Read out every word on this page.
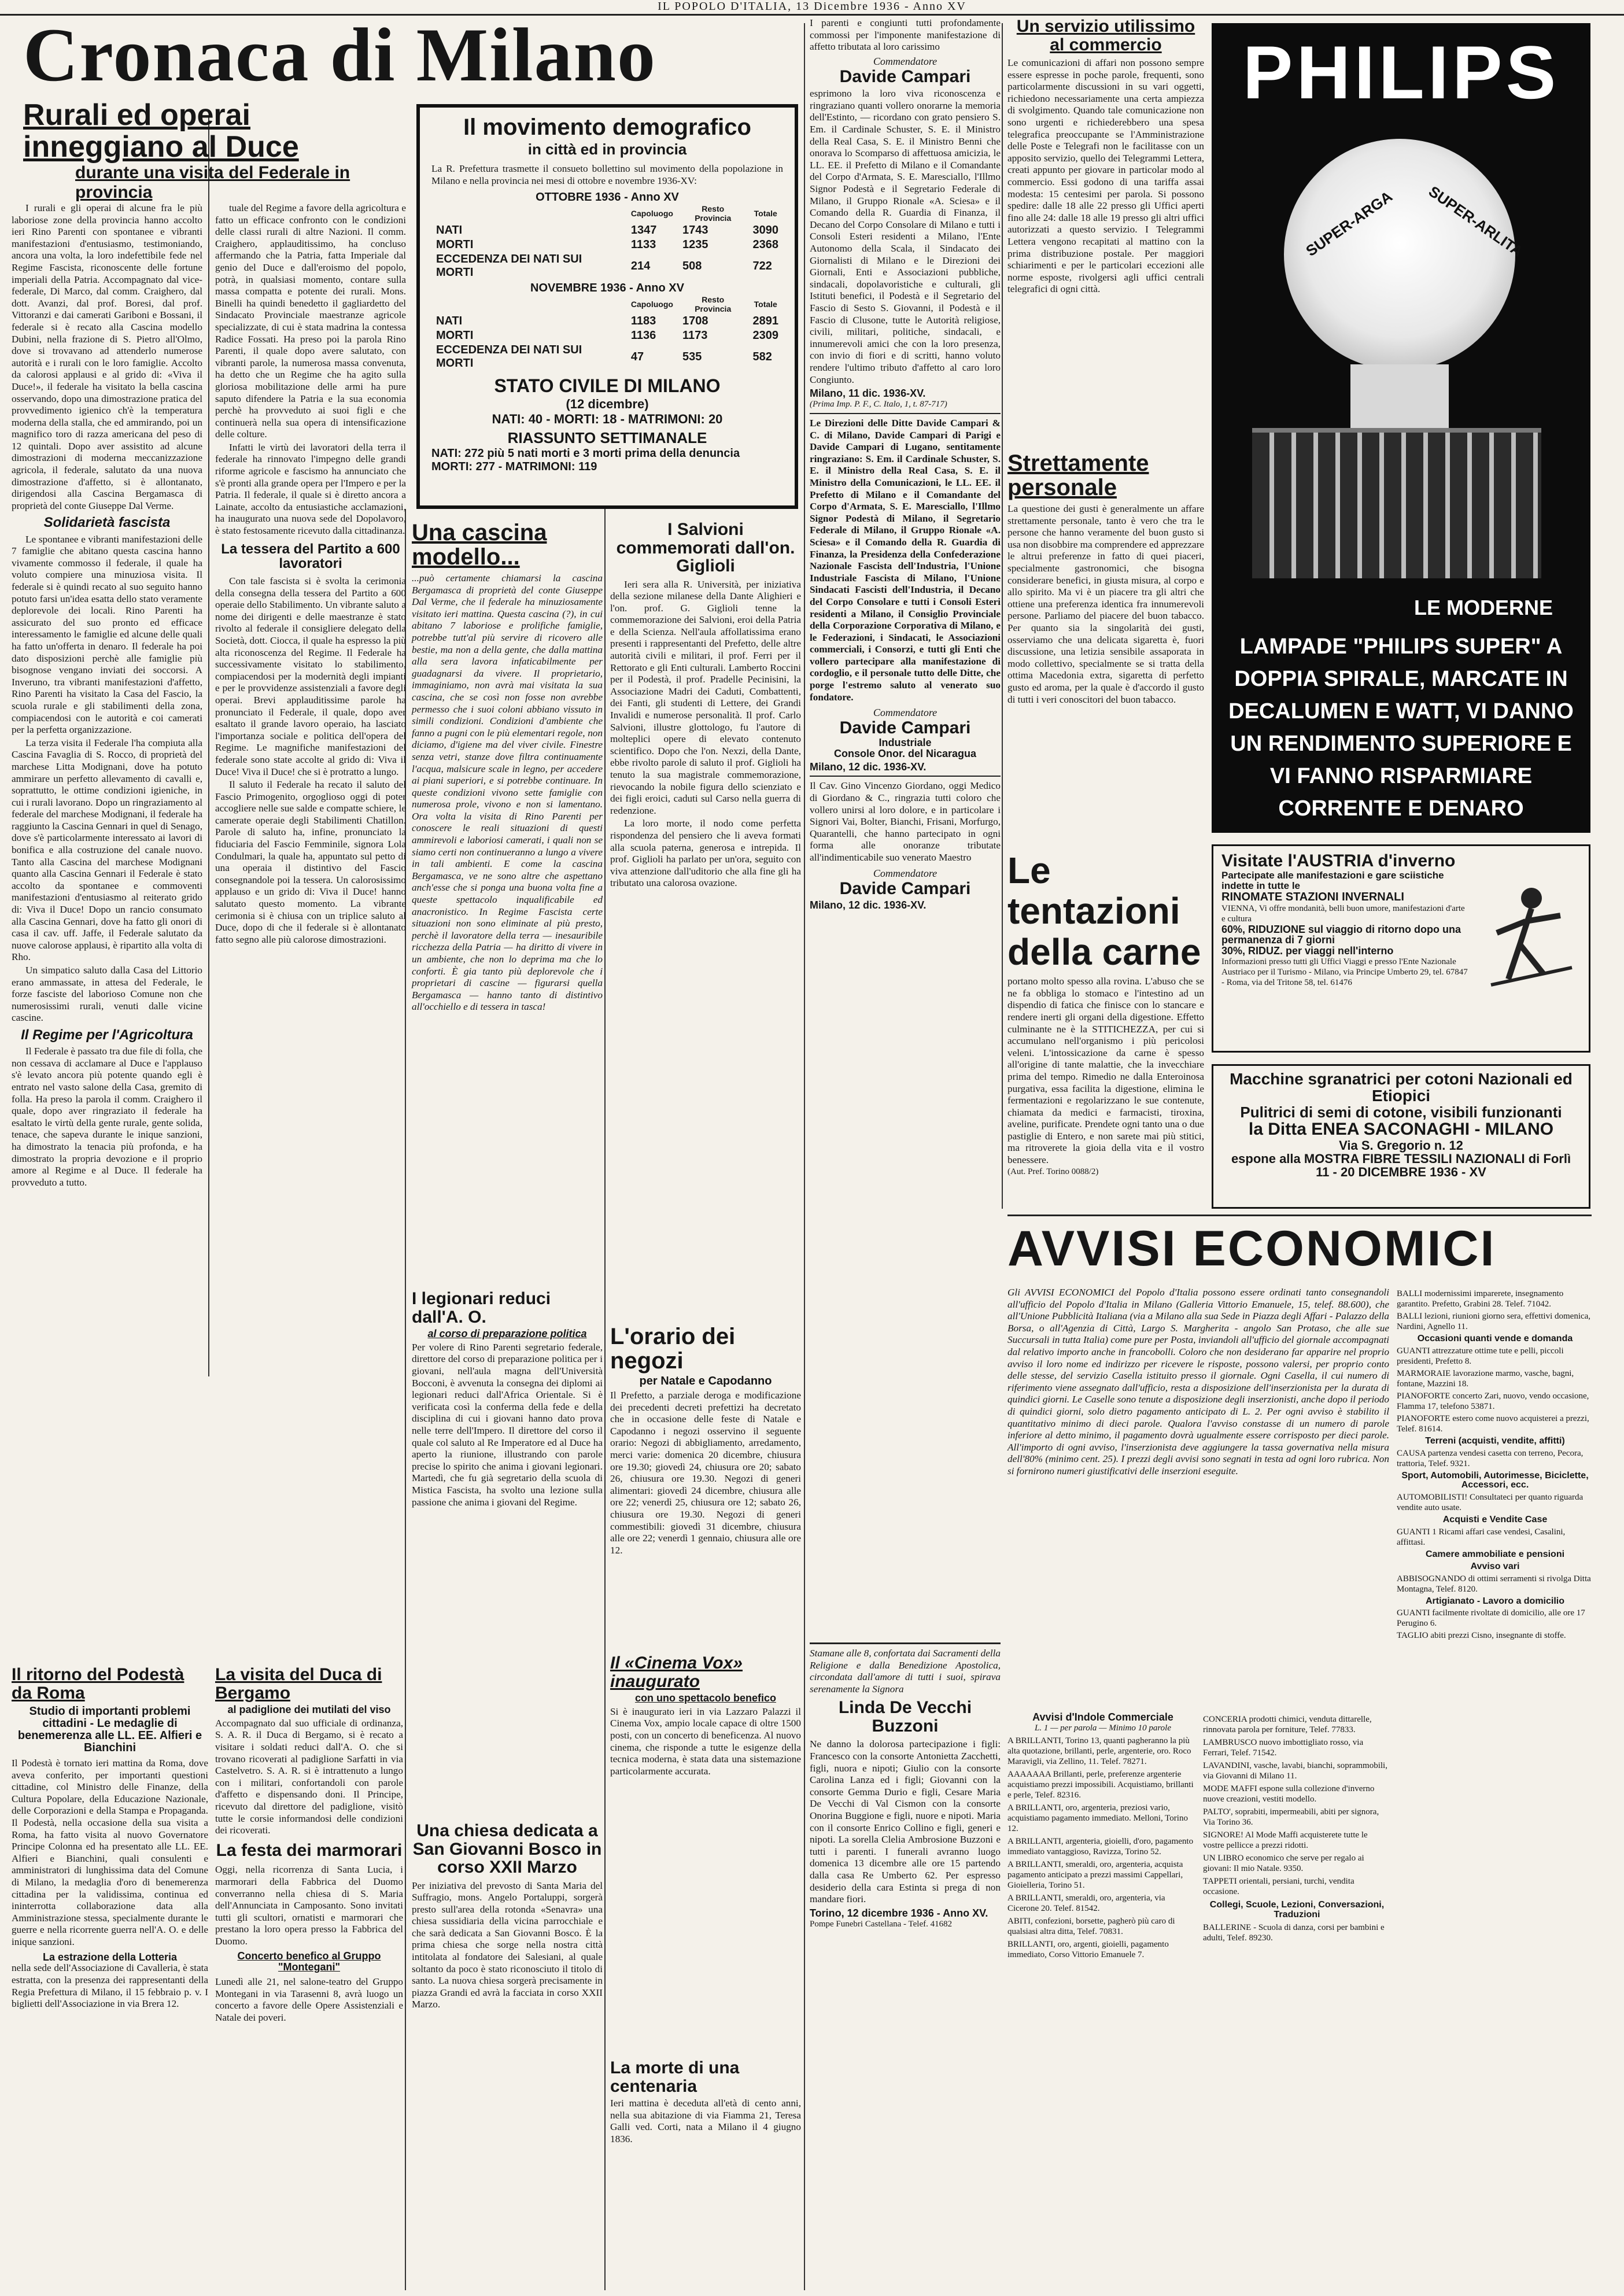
IL POPOLO D'ITALIA, 13 Dicembre 1936 - Anno XV
Cronaca di Milano
Rurali ed operai inneggiano al Duce
durante una visita del Federale in provincia

I rurali e gli operai di alcune fra le più laboriose zone della provincia hanno accolto ieri Rino Parenti con spontanee e vibranti manifestazioni d'entusiasmo, testimoniando, ancora una volta, la loro indefettibile fede nel Regime Fascista, riconoscente delle fortune imperiali della Patria. Accompagnato dal vice-federale, Di Marco, dal comm. Craighero, dal dott. Avanzi, dal prof. Boresi, dal prof. Vittoranzi e dai camerati Gariboni e Bossani, il federale si è recato alla Cascina modello Dubini, nella frazione di S. Pietro all'Olmo, dove si trovavano ad attenderlo numerose autorità e i rurali con le loro famiglie. Accolto da calorosi applausi e al grido di: «Viva il Duce!», il federale ha visitato la bella cascina osservando, dopo una dimostrazione pratica del provvedimento igienico ch'è la temperatura moderna della stalla, che ed ammirando, poi un magnifico toro di razza americana del peso di 12 quintali. Dopo aver assistito ad alcune dimostrazioni di moderna meccanizzazione agricola, il federale, salutato da una nuova dimostrazione d'affetto, si è allontanato, dirigendosi alla Cascina Bergamasca di proprietà del conte Giuseppe Dal Verme.

Solidarietà fascista

Le spontanee e vibranti manifestazioni delle 7 famiglie che abitano questa cascina hanno vivamente commosso il federale, il quale ha voluto compiere una minuziosa visita. Il federale si è quindi recato al suo seguito hanno potuto farsi un'idea esatta dello stato veramente deplorevole dei locali. Rino Parenti ha assicurato del suo pronto ed efficace interessamento le famiglie ed alcune delle quali ha fatto un'offerta in denaro. Il federale ha poi dato disposizioni perchè alle famiglie più bisognose vengano inviati dei soccorsi. A Inveruno, tra vibranti manifestazioni d'affetto, Rino Parenti ha visitato la Casa del Fascio, la scuola rurale e gli stabilimenti della zona, compiacendosi con le autorità e coi camerati per la perfetta organizzazione.

La terza visita il Federale l'ha compiuta alla Cascina Favaglia di S. Rocco, di proprietà del marchese Litta Modignani, dove ha potuto ammirare un perfetto allevamento di cavalli e, soprattutto, le ottime condizioni igieniche, in cui i rurali lavorano. Dopo un ringraziamento al federale del marchese Modignani, il federale ha raggiunto la Cascina Gennari in quel di Senago, dove s'è particolarmente interessato ai lavori di bonifica e alla costruzione del canale nuovo. Tanto alla Cascina del marchese Modignani quanto alla Cascina Gennari il Federale è stato accolto da spontanee e commoventi manifestazioni d'entusiasmo al reiterato grido di: Viva il Duce! Dopo un rancio consumato alla Cascina Gennari, dove ha fatto gli onori di casa il cav. uff. Jaffe, il Federale salutato da nuove calorose applausi, è ripartito alla volta di Rho.

Un simpatico saluto dalla Casa del Littorio erano ammassate, in attesa del Federale, le forze fasciste del laborioso Comune non che numerosissimi rurali, venuti dalle vicine cascine.

Il Regime per l'Agricoltura

Il Federale è passato tra due file di folla, che non cessava di acclamare al Duce e l'applauso s'è levato ancora più potente quando egli è entrato nel vasto salone della Casa, gremito di folla. Ha preso la parola il comm. Craighero il quale, dopo aver ringraziato il federale ha esaltato le virtù della gente rurale, gente solida, tenace, che sapeva durante le inique sanzioni, ha dimostrato la tenacia più profonda, e ha dimostrato la propria devozione e il proprio amore al Regime e al Duce. Il federale ha provveduto a tutto.

tuale del Regime a favore della agricoltura e fatto un efficace confronto con le condizioni delle classi rurali di altre Nazioni. Il comm. Craighero, applauditissimo, ha concluso affermando che la Patria, fatta Imperiale dal genio del Duce e dall'eroismo del popolo, potrà, in qualsiasi momento, contare sulla massa compatta e potente dei rurali. Mons. Binelli ha quindi benedetto il gagliardetto del Sindacato Provinciale maestranze agricole specializzate, di cui è stata madrina la contessa Radice Fossati. Ha preso poi la parola Rino Parenti, il quale dopo avere salutato, con vibranti parole, la numerosa massa convenuta, ha detto che un Regime che ha agito sulla gloriosa mobilitazione delle armi ha pure saputo difendere la Patria e la sua economia perchè ha provveduto ai suoi figli e che continuerà nella sua opera di intensificazione delle colture.

Infatti le virtù dei lavoratori della terra il federale ha rinnovato l'impegno delle grandi riforme agricole e fascismo ha annunciato che s'è pronti alla grande opera per l'Impero e per la Patria. Il federale, il quale si è diretto ancora a Lainate, accolto da entusiastiche acclamazioni, ha inaugurato una nuova sede del Dopolavoro, è stato festosamente ricevuto dalla cittadinanza.

La tessera del Partito a 600 lavoratori

Con tale fascista si è svolta la cerimonia della consegna della tessera del Partito a 600 operaie dello Stabilimento. Un vibrante saluto a nome dei dirigenti e delle maestranze è stato rivolto al federale il consigliere delegato della Società, dott. Ciocca, il quale ha espresso la più alta riconoscenza del Regime. Il Federale ha successivamente visitato lo stabilimento, compiacendosi per la modernità degli impianti e per le provvidenze assistenziali a favore degli operai. Brevi applauditissime parole ha pronunciato il Federale, il quale, dopo aver esaltato il grande lavoro operaio, ha lasciato l'importanza sociale e politica dell'opera del Regime. Le magnifiche manifestazioni del federale sono state accolte al grido di: Viva il Duce! Viva il Duce! che si è protratto a lungo.

Il saluto il Federale ha recato il saluto del Fascio Primogenito, orgoglioso oggi di poter accogliere nelle sue salde e compatte schiere, le camerate operaie degli Stabilimenti Chatillon. Parole di saluto ha, infine, pronunciato la fiduciaria del Fascio Femminile, signora Lola Condulmari, la quale ha, appuntato sul petto di una operaia il distintivo del Fascio consegnandole poi la tessera. Un calorosissimo applauso e un grido di: Viva il Duce! hanno salutato questo momento. La vibrante cerimonia si è chiusa con un triplice saluto al Duce, dopo di che il federale si è allontanato fatto segno alle più calorose dimostrazioni.

Il movimento demografico
in città ed in provincia
La R. Prefettura trasmette il consueto bollettino sul movimento della popolazione in Milano e nella provincia nei mesi di ottobre e novembre 1936-XV:
OTTOBRE 1936 - Anno XV
	Capoluogo	Resto Provincia	Totale
NATI	1347	1743	3090
MORTI	1133	1235	2368
ECCEDENZA DEI NATI SUI MORTI	214	508	722
NOVEMBRE 1936 - Anno XV
	Capoluogo	Resto Provincia	Totale
NATI	1183	1708	2891
MORTI	1136	1173	2309
ECCEDENZA DEI NATI SUI MORTI	47	535	582
STATO CIVILE DI MILANO
(12 dicembre)
NATI: 40 - MORTI: 18 - MATRIMONI: 20
RIASSUNTO SETTIMANALE
NATI: 272 più 5 nati morti e 3 morti prima della denuncia
MORTI: 277 - MATRIMONI: 119
Una cascina modello...
...può certamente chiamarsi la cascina Bergamasca di proprietà del conte Giuseppe Dal Verme, che il federale ha minuziosamente visitato ieri mattina. Questa cascina (?), in cui abitano 7 laboriose e prolifiche famiglie, potrebbe tutt'al più servire di ricovero alle bestie, ma non a della gente, che dalla mattina alla sera lavora infaticabilmente per guadagnarsi da vivere. Il proprietario, immaginiamo, non avrà mai visitata la sua cascina, che se così non fosse non avrebbe permesso che i suoi coloni abbiano vissuto in simili condizioni. Condizioni d'ambiente che fanno a pugni con le più elementari regole, non diciamo, d'igiene ma del viver civile. Finestre senza vetri, stanze dove filtra continuamente l'acqua, malsicure scale in legno, per accedere ai piani superiori, e si potrebbe continuare. In queste condizioni vivono sette famiglie con numerosa prole, vivono e non si lamentano. Ora volta la visita di Rino Parenti per conoscere le reali situazioni di questi ammirevoli e laboriosi camerati, i quali non se siamo certi non continueranno a lungo a vivere in tali ambienti. E come la cascina Bergamasca, ve ne sono altre che aspettano anch'esse che si ponga una buona volta fine a queste spettacolo inqualificabile ed anacronistico. In Regime Fascista certe situazioni non sono eliminate al più presto, perchè il lavoratore della terra — inesauribile ricchezza della Patria — ha diritto di vivere in un ambiente, che non lo deprima ma che lo conforti. È gia tanto più deplorevole che i proprietari di cascine — figurarsi quella Bergamasca — hanno tanto di distintivo all'occhiello e di tessera in tasca!
I Salvioni commemorati dall'on. Giglioli

Ieri sera alla R. Università, per iniziativa della sezione milanese della Dante Alighieri e l'on. prof. G. Giglioli tenne la commemorazione dei Salvioni, eroi della Patria e della Scienza. Nell'aula affollatissima erano presenti i rappresentanti del Prefetto, delle altre autorità civili e militari, il prof. Ferri per il Rettorato e gli Enti culturali. Lamberto Roccini per il Podestà, il prof. Pradelle Pecinisini, la Associazione Madri dei Caduti, Combattenti, dei Fanti, gli studenti di Lettere, dei Grandi Invalidi e numerose personalità. Il prof. Carlo Salvioni, illustre glottologo, fu l'autore di molteplici opere di elevato contenuto scientifico. Dopo che l'on. Nexzi, della Dante, ebbe rivolto parole di saluto il prof. Giglioli ha tenuto la sua magistrale commemorazione, rievocando la nobile figura dello scienziato e dei figli eroici, caduti sul Carso nella guerra di redenzione.

La loro morte, il nodo come perfetta rispondenza del pensiero che li aveva formati alla scuola paterna, generosa e intrepida. Il prof. Giglioli ha parlato per un'ora, seguito con viva attenzione dall'uditorio che alla fine gli ha tributato una calorosa ovazione.

I legionari reduci dall'A. O.
al corso di preparazione politica
Per volere di Rino Parenti segretario federale, direttore del corso di preparazione politica per i giovani, nell'aula magna dell'Università Bocconi, è avvenuta la consegna dei diplomi ai legionari reduci dall'Africa Orientale. Si è verificata così la conferma della fede e della disciplina di cui i giovani hanno dato prova nelle terre dell'Impero. Il direttore del corso il quale col saluto al Re Imperatore ed al Duce ha aperto la riunione, illustrando con parole precise lo spirito che anima i giovani legionari. Martedì, che fu già segretario della scuola di Mistica Fascista, ha svolto una lezione sulla passione che anima i giovani del Regime.
L'orario dei negozi
per Natale e Capodanno
Il Prefetto, a parziale deroga e modificazione dei precedenti decreti prefettizi ha decretato che in occasione delle feste di Natale e Capodanno i negozi osservino il seguente orario: Negozi di abbigliamento, arredamento, merci varie: domenica 20 dicembre, chiusura ore 19.30; giovedì 24, chiusura ore 20; sabato 26, chiusura ore 19.30. Negozi di generi alimentari: giovedì 24 dicembre, chiusura alle ore 22; venerdì 25, chiusura ore 12; sabato 26, chiusura ore 19.30. Negozi di generi commestibili: giovedì 31 dicembre, chiusura alle ore 22; venerdì 1 gennaio, chiusura alle ore 12.
Il ritorno del Podestà da Roma
Studio di importanti problemi cittadini - Le medaglie di benemerenza alle LL. EE. Alfieri e Bianchini
Il Podestà è tornato ieri mattina da Roma, dove aveva conferito, per importanti questioni cittadine, col Ministro delle Finanze, della Cultura Popolare, della Educazione Nazionale, delle Corporazioni e della Stampa e Propaganda. Il Podestà, nella occasione della sua visita a Roma, ha fatto visita al nuovo Governatore Principe Colonna ed ha presentato alle LL. EE. Alfieri e Bianchini, quali consulenti e amministratori di lunghissima data del Comune di Milano, la medaglia d'oro di benemerenza cittadina per la validissima, continua ed ininterrotta collaborazione data alla Amministrazione stessa, specialmente durante le guerre e nella ricorrente guerra nell'A. O. e delle inique sanzioni.
La estrazione della Lotteria
nella sede dell'Associazione di Cavalleria, è stata estratta, con la presenza dei rappresentanti della Regia Prefettura di Milano, il 15 febbraio p. v. I biglietti dell'Associazione in via Brera 12.
La visita del Duca di Bergamo
al padiglione dei mutilati del viso
Accompagnato dal suo ufficiale di ordinanza, S. A. R. il Duca di Bergamo, si è recato a visitare i soldati reduci dall'A. O. che si trovano ricoverati al padiglione Sarfatti in via Castelvetro. S. A. R. si è intrattenuto a lungo con i militari, confortandoli con parole d'affetto e dispensando doni. Il Principe, ricevuto dal direttore del padiglione, visitò tutte le corsie informandosi delle condizioni dei ricoverati.
La festa dei marmorari
Oggi, nella ricorrenza di Santa Lucia, i marmorari della Fabbrica del Duomo converranno nella chiesa di S. Maria dell'Annunciata in Camposanto. Sono invitati tutti gli scultori, ornatisti e marmorari che prestano la loro opera presso la Fabbrica del Duomo.
Concerto benefico al Gruppo "Montegani"
Lunedì alle 21, nel salone-teatro del Gruppo Montegani in via Tarasenni 8, avrà luogo un concerto a favore delle Opere Assistenziali e Natale dei poveri.
Una chiesa dedicata a San Giovanni Bosco in corso XXII Marzo
Per iniziativa del prevosto di Santa Maria del Suffragio, mons. Angelo Portaluppi, sorgerà presto sull'area della rotonda «Senavra» una chiesa sussidiaria della vicina parrocchiale e che sarà dedicata a San Giovanni Bosco. È la prima chiesa che sorge nella nostra città intitolata al fondatore dei Salesiani, al quale soltanto da poco è stato riconosciuto il titolo di santo. La nuova chiesa sorgerà precisamente in piazza Grandi ed avrà la facciata in corso XXII Marzo.
Il «Cinema Vox» inaugurato
con uno spettacolo benefico
Si è inaugurato ieri in via Lazzaro Palazzi il Cinema Vox, ampio locale capace di oltre 1500 posti, con un concerto di beneficenza. Al nuovo cinema, che risponde a tutte le esigenze della tecnica moderna, è stata data una sistemazione particolarmente accurata.
La morte di una centenaria
Ieri mattina è deceduta all'età di cento anni, nella sua abitazione di via Fiamma 21, Teresa Galli ved. Corti, nata a Milano il 4 giugno 1836.
I parenti e congiunti tutti profondamente commossi per l'imponente manifestazione di affetto tributata al loro carissimo
Commendatore
Davide Campari
esprimono la loro viva riconoscenza e ringraziano quanti vollero onorarne la memoria dell'Estinto, — ricordano con grato pensiero S. Em. il Cardinale Schuster, S. E. il Ministro della Real Casa, S. E. il Ministro Benni che onorava lo Scomparso di affettuosa amicizia, le LL. EE. il Prefetto di Milano e il Comandante del Corpo d'Armata, S. E. Maresciallo, l'Illmo Signor Podestà e il Segretario Federale di Milano, il Gruppo Rionale «A. Sciesa» e il Comando della R. Guardia di Finanza, il Decano del Corpo Consolare di Milano e tutti i Consoli Esteri residenti a Milano, l'Ente Autonomo della Scala, il Sindacato dei Giornalisti di Milano e le Direzioni dei Giornali, Enti e Associazioni pubbliche, sindacali, dopolavoristiche e culturali, gli Istituti benefici, il Podestà e il Segretario del Fascio di Sesto S. Giovanni, il Podestà e il Fascio di Clusone, tutte le Autorità religiose, civili, militari, politiche, sindacali, e innumerevoli amici che con la loro presenza, con invio di fiori e di scritti, hanno voluto rendere l'ultimo tributo d'affetto al caro loro Congiunto.
Milano, 11 dic. 1936-XV.
(Prima Imp. P. F., C. Italo, 1, t. 87-717)
Le Direzioni delle Ditte Davide Campari & C. di Milano, Davide Campari di Parigi e Davide Campari di Lugano, sentitamente ringraziano: S. Em. il Cardinale Schuster, S. E. il Ministro della Real Casa, S. E. il Ministro della Comunicazioni, le LL. EE. il Prefetto di Milano e il Comandante del Corpo d'Armata, S. E. Maresciallo, l'Illmo Signor Podestà di Milano, il Segretario Federale di Milano, il Gruppo Rionale «A. Sciesa» e il Comando della R. Guardia di Finanza, la Presidenza della Confederazione Nazionale Fascista dell'Industria, l'Unione Industriale Fascista di Milano, l'Unione Sindacati Fascisti dell'Industria, il Decano del Corpo Consolare e tutti i Consoli Esteri residenti a Milano, il Consiglio Provinciale della Corporazione Corporativa di Milano, e le Federazioni, i Sindacati, le Associazioni commerciali, i Consorzi, e tutti gli Enti che vollero partecipare alla manifestazione di cordoglio, e il personale tutto delle Ditte, che porge l'estremo saluto al venerato suo fondatore.
Commendatore
Davide Campari
Industriale
Console Onor. del Nicaragua
Milano, 12 dic. 1936-XV.
Il Cav. Gino Vincenzo Giordano, oggi Medico di Giordano & C., ringrazia tutti coloro che vollero unirsi al loro dolore, e in particolare i Signori Vai, Bolter, Bianchi, Frisani, Morfurgo, Quarantelli, che hanno partecipato in ogni forma alle onoranze tributate all'indimenticabile suo venerato Maestro
Commendatore
Davide Campari
Milano, 12 dic. 1936-XV.
Stamane alle 8, confortata dai Sacramenti della Religione e dalla Benedizione Apostolica, circondata dall'amore di tutti i suoi, spirava serenamente la Signora
Linda De Vecchi Buzzoni
Ne danno la dolorosa partecipazione i figli: Francesco con la consorte Antonietta Zacchetti, figli, nuora e nipoti; Giulio con la consorte Carolina Lanza ed i figli; Giovanni con la consorte Gemma Durio e figli, Cesare Maria De Vecchi di Val Cismon con la consorte Onorina Buggione e figli, nuore e nipoti. Maria con il consorte Enrico Collino e figli, generi e nipoti. La sorella Clelia Ambrosione Buzzoni e tutti i parenti. I funerali avranno luogo domenica 13 dicembre alle ore 15 partendo dalla casa Re Umberto 62. Per espresso desiderio della cara Estinta si prega di non mandare fiori.
Torino, 12 dicembre 1936 - Anno XV.
Pompe Funebri Castellana - Telef. 41682
Un servizio utilissimo al commercio
Le comunicazioni di affari non possono sempre essere espresse in poche parole, frequenti, sono particolarmente discussioni in su vari oggetti, richiedono necessariamente una certa ampiezza di svolgimento. Quando tale comunicazione non sono urgenti e richiederebbero una spesa telegrafica preoccupante se l'Amministrazione delle Poste e Telegrafi non le facilitasse con un apposito servizio, quello dei Telegrammi Lettera, creati appunto per giovare in particolar modo al commercio. Essi godono di una tariffa assai modesta: 15 centesimi per parola. Si possono spedire: dalle 18 alle 22 presso gli Uffici aperti fino alle 24: dalle 18 alle 19 presso gli altri uffici autorizzati a questo servizio. I Telegrammi Lettera vengono recapitati al mattino con la prima distribuzione postale. Per maggiori schiarimenti e per le particolari eccezioni alle norme esposte, rivolgersi agli uffici centrali telegrafici di ogni città.
Strettamente personale
La questione dei gusti è generalmente un affare strettamente personale, tanto è vero che tra le persone che hanno veramente del buon gusto si usa non disobbire ma comprendere ed apprezzare le altrui preferenze in fatto di quei piaceri, specialmente gastronomici, che bisogna considerare benefici, in giusta misura, al corpo e allo spirito. Ma vi è un piacere tra gli altri che ottiene una preferenza identica fra innumerevoli persone. Parliamo del piacere del buon tabacco. Per quanto sia la singolarità dei gusti, osserviamo che una delicata sigaretta è, fuori discussione, una letizia sensibile assaporata in modo collettivo, specialmente se si tratta della ottima Macedonia extra, sigaretta di perfetto gusto ed aroma, per la quale è d'accordo il gusto di tutti i veri conoscitori del buon tabacco.
Le tentazioni della carne
portano molto spesso alla rovina. L'abuso che se ne fa obbliga lo stomaco e l'intestino ad un dispendio di fatica che finisce con lo stancare e rendere inerti gli organi della digestione. Effetto culminante ne è la STITICHEZZA, per cui si accumulano nell'organismo i più pericolosi veleni. L'intossicazione da carne è spesso all'origine di tante malattie, che la invecchiare prima del tempo. Rimedio ne dalla Enteroinosa purgativa, essa facilita la digestione, elimina le fermentazioni e regolarizzano le sue contenute, chiamata da medici e farmacisti, tiroxina, aveline, purificate. Prendete ogni tanto una o due pastiglie di Entero, e non sarete mai più stitici, ma ritroverete la gioia della vita e il vostro benessere.
(Aut. Pref. Torino 0088/2)
PHILIPS
SUPER-ARGA SUPER-ARLITA
LE MODERNE
LAMPADE "PHILIPS SUPER" A DOPPIA SPIRALE, MARCATE IN DECALUMEN E WATT, VI DANNO UN RENDIMENTO SUPERIORE E VI FANNO RISPARMIARE CORRENTE E DENARO
Visitate l'AUSTRIA d'inverno
Partecipate alle manifestazioni e gare sciistiche indette in tutte le
RINOMATE STAZIONI INVERNALI
VIENNA, Vi offre mondanità, belli buon umore, manifestazioni d'arte e cultura
60%, RIDUZIONE sul viaggio di ritorno dopo una permanenza di 7 giorni
30%, RIDUZ. per viaggi nell'interno
Informazioni presso tutti gli Uffici Viaggi e presso l'Ente Nazionale Austriaco per il Turismo - Milano, via Principe Umberto 29, tel. 67847 - Roma, via del Tritone 58, tel. 61476
Macchine sgranatrici per cotoni Nazionali ed Etiopici
Pulitrici di semi di cotone, visibili funzionanti
la Ditta ENEA SACONAGHI - MILANO
Via S. Gregorio n. 12
espone alla MOSTRA FIBRE TESSILI NAZIONALI di Forlì
11 - 20 DICEMBRE 1936 - XV
AVVISI ECONOMICI
Gli AVVISI ECONOMICI del Popolo d'Italia possono essere ordinati tanto consegnandoli all'ufficio del Popolo d'Italia in Milano (Galleria Vittorio Emanuele, 15, telef. 88.600), che all'Unione Pubblicità Italiana (via a Milano alla sua Sede in Piazza degli Affari - Palazzo della Borsa, o all'Agenzia di Città, Largo S. Margherita - angolo San Protaso, che alle sue Succursali in tutta Italia) come pure per Posta, inviandoli all'ufficio del giornale accompagnati dal relativo importo anche in francobolli. Coloro che non desiderano far apparire nel proprio avviso il loro nome ed indirizzo per ricevere le risposte, possono valersi, per proprio conto delle stesse, del servizio Casella istituito presso il giornale. Ogni Casella, il cui numero di riferimento viene assegnato dall'ufficio, resta a disposizione dell'inserzionista per la durata di quindici giorni. Le Caselle sono tenute a disposizione degli inserzionisti, anche dopo il periodo di quindici giorni, solo dietro pagamento anticipato di L. 2. Per ogni avviso è stabilito il quantitativo minimo di dieci parole. Qualora l'avviso constasse di un numero di parole inferiore al detto minimo, il pagamento dovrà ugualmente essere corrisposto per dieci parole. All'importo di ogni avviso, l'inserzionista deve aggiungere la tassa governativa nella misura dell'80% (minimo cent. 25). I prezzi degli avvisi sono segnati in testa ad ogni loro rubrica. Non si fornirono numeri giustificativi delle inserzioni eseguite.
Avvisi d'Indole Commerciale
L. 1 — per parola — Minimo 10 parole
A BRILLANTI, Torino 13, quanti pagheranno la più alta quotazione, brillanti, perle, argenterie, oro. Roco Maravigli, via Zellino, 11. Telef. 78271.
AAAAAAA Brillanti, perle, preferenze argenterie acquistiamo prezzi impossibili. Acquistiamo, brillanti e perle, Telef. 82316.
A BRILLANTI, oro, argenteria, preziosi vario, acquistiamo pagamento immediato. Melloni, Torino 12.
A BRILLANTI, argenteria, gioielli, d'oro, pagamento immediato vantaggioso, Ravizza, Torino 52.
A BRILLANTI, smeraldi, oro, argenteria, acquista pagamento anticipato a prezzi massimi Cappellari, Gioielleria, Torino 51.
A BRILLANTI, smeraldi, oro, argenteria, via Cicerone 20. Telef. 81542.
ABITI, confezioni, borsette, pagherò più caro di qualsiasi altra ditta, Telef. 70831.
BRILLANTI, oro, argenti, gioielli, pagamento immediato, Corso Vittorio Emanuele 7.
CONCERIA prodotti chimici, venduta dittarelle, rinnovata parola per forniture, Telef. 77833.
LAMBRUSCO nuovo imbottigliato rosso, via Ferrari, Telef. 71542.
LAVANDINI, vasche, lavabi, bianchi, soprammobili, via Giovanni di Milano 11.
MODE MAFFI espone sulla collezione d'inverno nuove creazioni, vestiti modello.
PALTO', soprabiti, impermeabili, abiti per signora, Via Torino 36.
SIGNORE! Al Mode Maffi acquisterete tutte le vostre pellicce a prezzi ridotti.
UN LIBRO economico che serve per regalo ai giovani: Il mio Natale. 9350.
TAPPETI orientali, persiani, turchi, vendita occasione.
Collegi, Scuole, Lezioni, Conversazioni, Traduzioni
BALLERINE - Scuola di danza, corsi per bambini e adulti, Telef. 89230.
BALLI modernissimi imparerete, insegnamento garantito. Prefetto, Grabini 28. Telef. 71042.
BALLI lezioni, riunioni giorno sera, effettivi domenica, Nardini, Agnello 11.
Occasioni quanti vende e domanda
GUANTI attrezzature ottime tute e pelli, piccoli presidenti, Prefetto 8.
MARMORAIE lavorazione marmo, vasche, bagni, fontane, Mazzini 18.
PIANOFORTE concerto Zari, nuovo, vendo occasione, Flamma 17, telefono 53871.
PIANOFORTE estero come nuovo acquisterei a prezzi, Telef. 81614.
Terreni (acquisti, vendite, affitti)
CAUSA partenza vendesi casetta con terreno, Pecora, trattoria, Telef. 9321.
Sport, Automobili, Autorimesse, Biciclette, Accessori, ecc.
AUTOMOBILISTI! Consultateci per quanto riguarda vendite auto usate.
Acquisti e Vendite Case
GUANTI 1 Ricami affari case vendesi, Casalini, affittasi.
Camere ammobiliate e pensioni
Avviso vari
ABBISOGNANDO di ottimi serramenti si rivolga Ditta Montagna, Telef. 8120.
Artigianato - Lavoro a domicilio
GUANTI facilmente rivoltate di domicilio, alle ore 17 Perugino 6.
TAGLIO abiti prezzi Cisno, insegnante di stoffe.
